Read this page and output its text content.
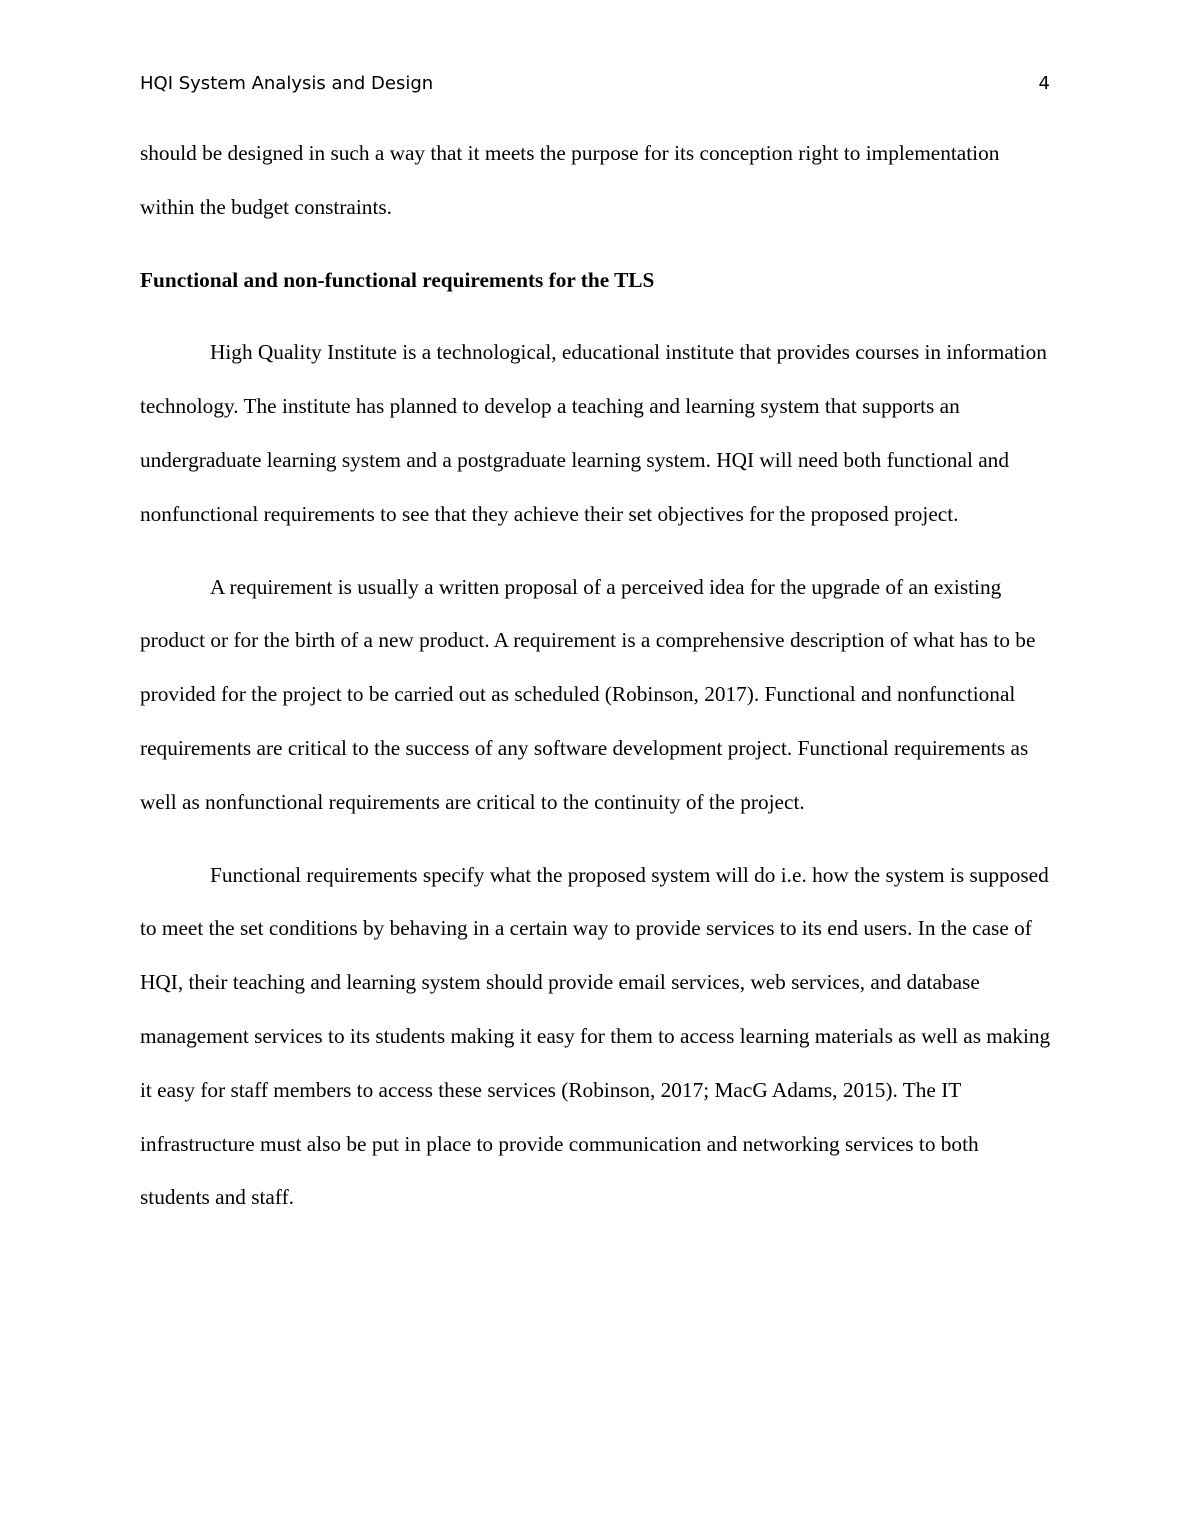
HQI System Analysis and Design	4

should be designed in such a way that it meets the purpose for its conception right to implementation within the budget constraints.

Functional and non-functional requirements for the TLS

High Quality Institute is a technological, educational institute that provides courses in information technology. The institute has planned to develop a teaching and learning system that supports an undergraduate learning system and a postgraduate learning system. HQI will need both functional and nonfunctional requirements to see that they achieve their set objectives for the proposed project.

A requirement is usually a written proposal of a perceived idea for the upgrade of an existing product or for the birth of a new product. A requirement is a comprehensive description of what has to be provided for the project to be carried out as scheduled (Robinson, 2017). Functional and nonfunctional requirements are critical to the success of any software development project. Functional requirements as well as nonfunctional requirements are critical to the continuity of the project.

Functional requirements specify what the proposed system will do i.e. how the system is supposed to meet the set conditions by behaving in a certain way to provide services to its end users. In the case of HQI, their teaching and learning system should provide email services, web services, and database management services to its students making it easy for them to access learning materials as well as making it easy for staff members to access these services (Robinson, 2017; MacG Adams, 2015). The IT infrastructure must also be put in place to provide communication and networking services to both students and staff.
